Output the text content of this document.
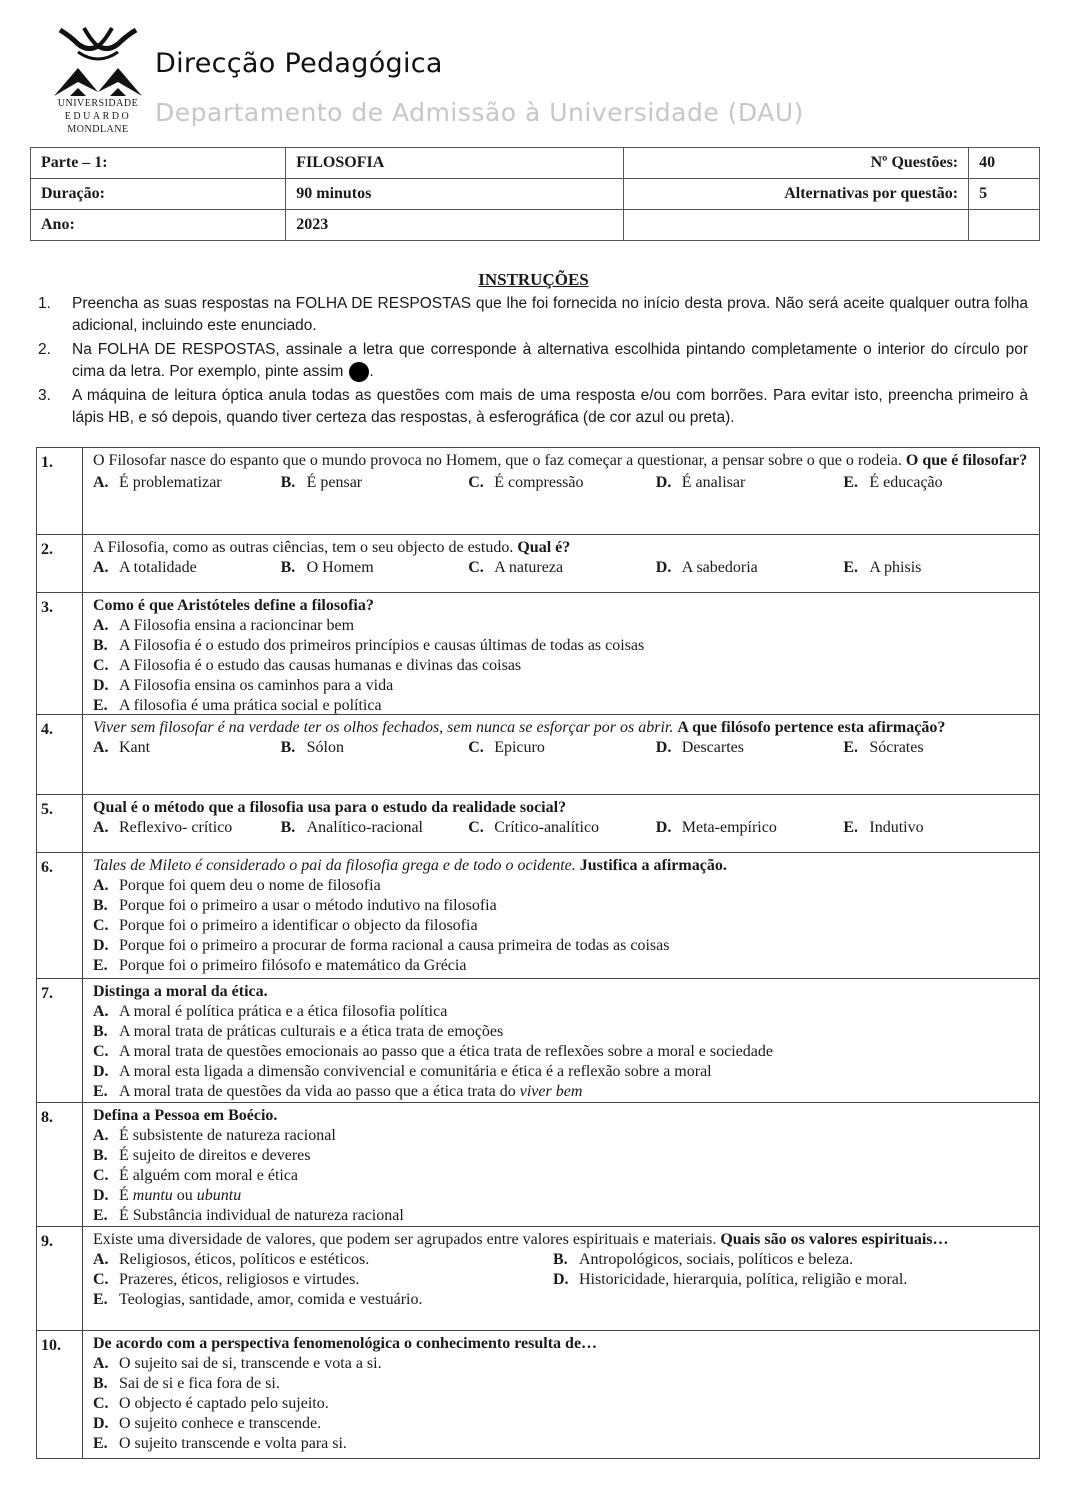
UNIVERSIDADE
EDUARDO
MONDLANE
Direcção Pedagógica
Departamento de Admissão à Universidade (DAU)
Parte – 1:	FILOSOFIA	Nº Questões:	40
Duração:	90 minutos	Alternativas por questão:	5
Ano:	2023		
INSTRUÇÕES
1. Preencha as suas respostas na FOLHA DE RESPOSTAS que lhe foi fornecida no início desta prova. Não será aceite qualquer outra folha adicional, incluindo este enunciado.
2. Na FOLHA DE RESPOSTAS, assinale a letra que corresponde à alternativa escolhida pintando completamente o interior do círculo por cima da letra. Por exemplo, pinte assim .
3. A máquina de leitura óptica anula todas as questões com mais de uma resposta e/ou com borrões. Para evitar isto, preencha primeiro à lápis HB, e só depois, quando tiver certeza das respostas, à esferográfica (de cor azul ou preta).
1.	O Filosofar nasce do espanto que o mundo provoca no Homem, que o faz começar a questionar, a pensar sobre o que o rodeia. O que é filosofar?
A. É problematizar	B. É pensar	C. É compressão	D. É analisar	E. É educação
2.	A Filosofia, como as outras ciências, tem o seu objecto de estudo. Qual é?
A. A totalidade	B. O Homem	C. A natureza	D. A sabedoria	E. A phisis
3.	Como é que Aristóteles define a filosofia?
A. A Filosofia ensina a racioncinar bem
B. A Filosofia é o estudo dos primeiros princípios e causas últimas de todas as coisas
C. A Filosofia é o estudo das causas humanas e divinas das coisas
D. A Filosofia ensina os caminhos para a vida
E. A filosofia é uma prática social e política
4.	Viver sem filosofar é na verdade ter os olhos fechados, sem nunca se esforçar por os abrir. A que filósofo pertence esta afirmação?
A. Kant	B. Sólon	C. Epicuro	D. Descartes	E. Sócrates
5.	Qual é o método que a filosofia usa para o estudo da realidade social?
A. Reflexivo- crítico	B. Analítico-racional	C. Crítico-analítico	D. Meta-empírico	E. Indutivo
6.	Tales de Mileto é considerado o pai da filosofia grega e de todo o ocidente. Justifica a afirmação.
A. Porque foi quem deu o nome de filosofia
B. Porque foi o primeiro a usar o método indutivo na filosofia
C. Porque foi o primeiro a identificar o objecto da filosofia
D. Porque foi o primeiro a procurar de forma racional a causa primeira de todas as coisas
E. Porque foi o primeiro filósofo e matemático da Grécia
7.	Distinga a moral da ética.
A. A moral é política prática e a ética filosofia política
B. A moral trata de práticas culturais e a ética trata de emoções
C. A moral trata de questões emocionais ao passo que a ética trata de reflexões sobre a moral e sociedade
D. A moral esta ligada a dimensão convivencial e comunitária e ética é a reflexão sobre a moral
E. A moral trata de questões da vida ao passo que a ética trata do viver bem
8.	Defina a Pessoa em Boécio.
A. É subsistente de natureza racional
B. É sujeito de direitos e deveres
C. É alguém com moral e ética
D. É muntu ou ubuntu
E. É Substância individual de natureza racional
9.	Existe uma diversidade de valores, que podem ser agrupados entre valores espirituais e materiais. Quais são os valores espirituais…
A. Religiosos, éticos, políticos e estéticos.	B. Antropológicos, sociais, políticos e beleza.
C. Prazeres, éticos, religiosos e virtudes.	D. Historicidade, hierarquia, política, religião e moral.
E. Teologias, santidade, amor, comida e vestuário.
10.	De acordo com a perspectiva fenomenológica o conhecimento resulta de…
A. O sujeito sai de si, transcende e vota a si.
B. Sai de si e fica fora de si.
C. O objecto é captado pelo sujeito.
D. O sujeito conhece e transcende.
E. O sujeito transcende e volta para si.
